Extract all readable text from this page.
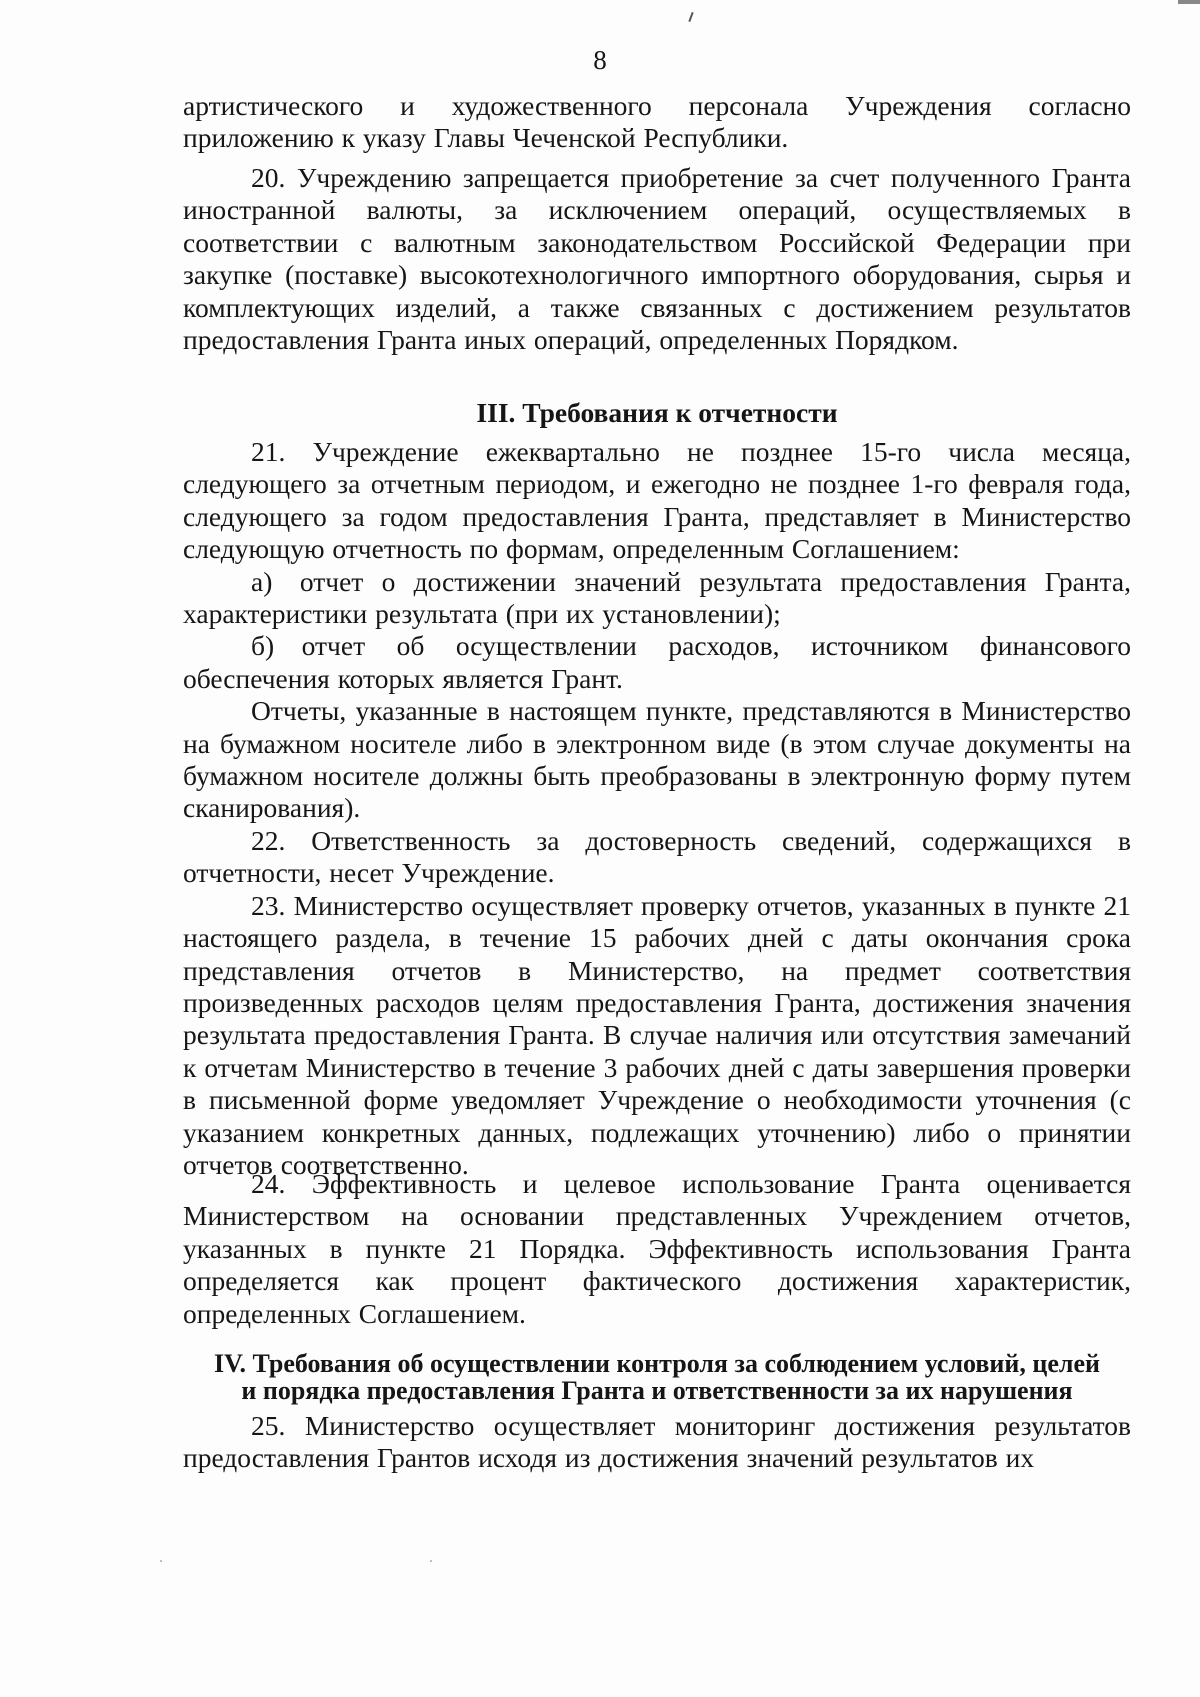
8

артистического и художественного персонала Учреждения согласно приложению к указу Главы Чеченской Республики.

20. Учреждению запрещается приобретение за счет полученного Гранта иностранной валюты, за исключением операций, осуществляемых в соответствии с валютным законодательством Российской Федерации при закупке (поставке) высокотехнологичного импортного оборудования, сырья и комплектующих изделий, а также связанных с достижением результатов предоставления Гранта иных операций, определенных Порядком.

III. Требования к отчетности

21. Учреждение ежеквартально не позднее 15-го числа месяца, следующего за отчетным периодом, и ежегодно не позднее 1-го февраля года, следующего за годом предоставления Гранта, представляет в Министерство следующую отчетность по формам, определенным Соглашением:

а) отчет о достижении значений результата предоставления Гранта, характеристики результата (при их установлении);

б) отчет об осуществлении расходов, источником финансового обеспечения которых является Грант.

Отчеты, указанные в настоящем пункте, представляются в Министерство на бумажном носителе либо в электронном виде (в этом случае документы на бумажном носителе должны быть преобразованы в электронную форму путем сканирования).

22. Ответственность за достоверность сведений, содержащихся в отчетности, несет Учреждение.

23. Министерство осуществляет проверку отчетов, указанных в пункте 21 настоящего раздела, в течение 15 рабочих дней с даты окончания срока представления отчетов в Министерство, на предмет соответствия произведенных расходов целям предоставления Гранта, достижения значения результата предоставления Гранта. В случае наличия или отсутствия замечаний к отчетам Министерство в течение 3 рабочих дней с даты завершения проверки в письменной форме уведомляет Учреждение о необходимости уточнения (с указанием конкретных данных, подлежащих уточнению) либо о принятии отчетов соответственно.

24. Эффективность и целевое использование Гранта оценивается Министерством на основании представленных Учреждением отчетов, указанных в пункте 21 Порядка. Эффективность использования Гранта определяется как процент фактического достижения характеристик, определенных Соглашением.

IV. Требования об осуществлении контроля за соблюдением условий, целей

и порядка предоставления Гранта и ответственности за их нарушения

25. Министерство осуществляет мониторинг достижения результатов предоставления Грантов исходя из достижения значений результатов их
